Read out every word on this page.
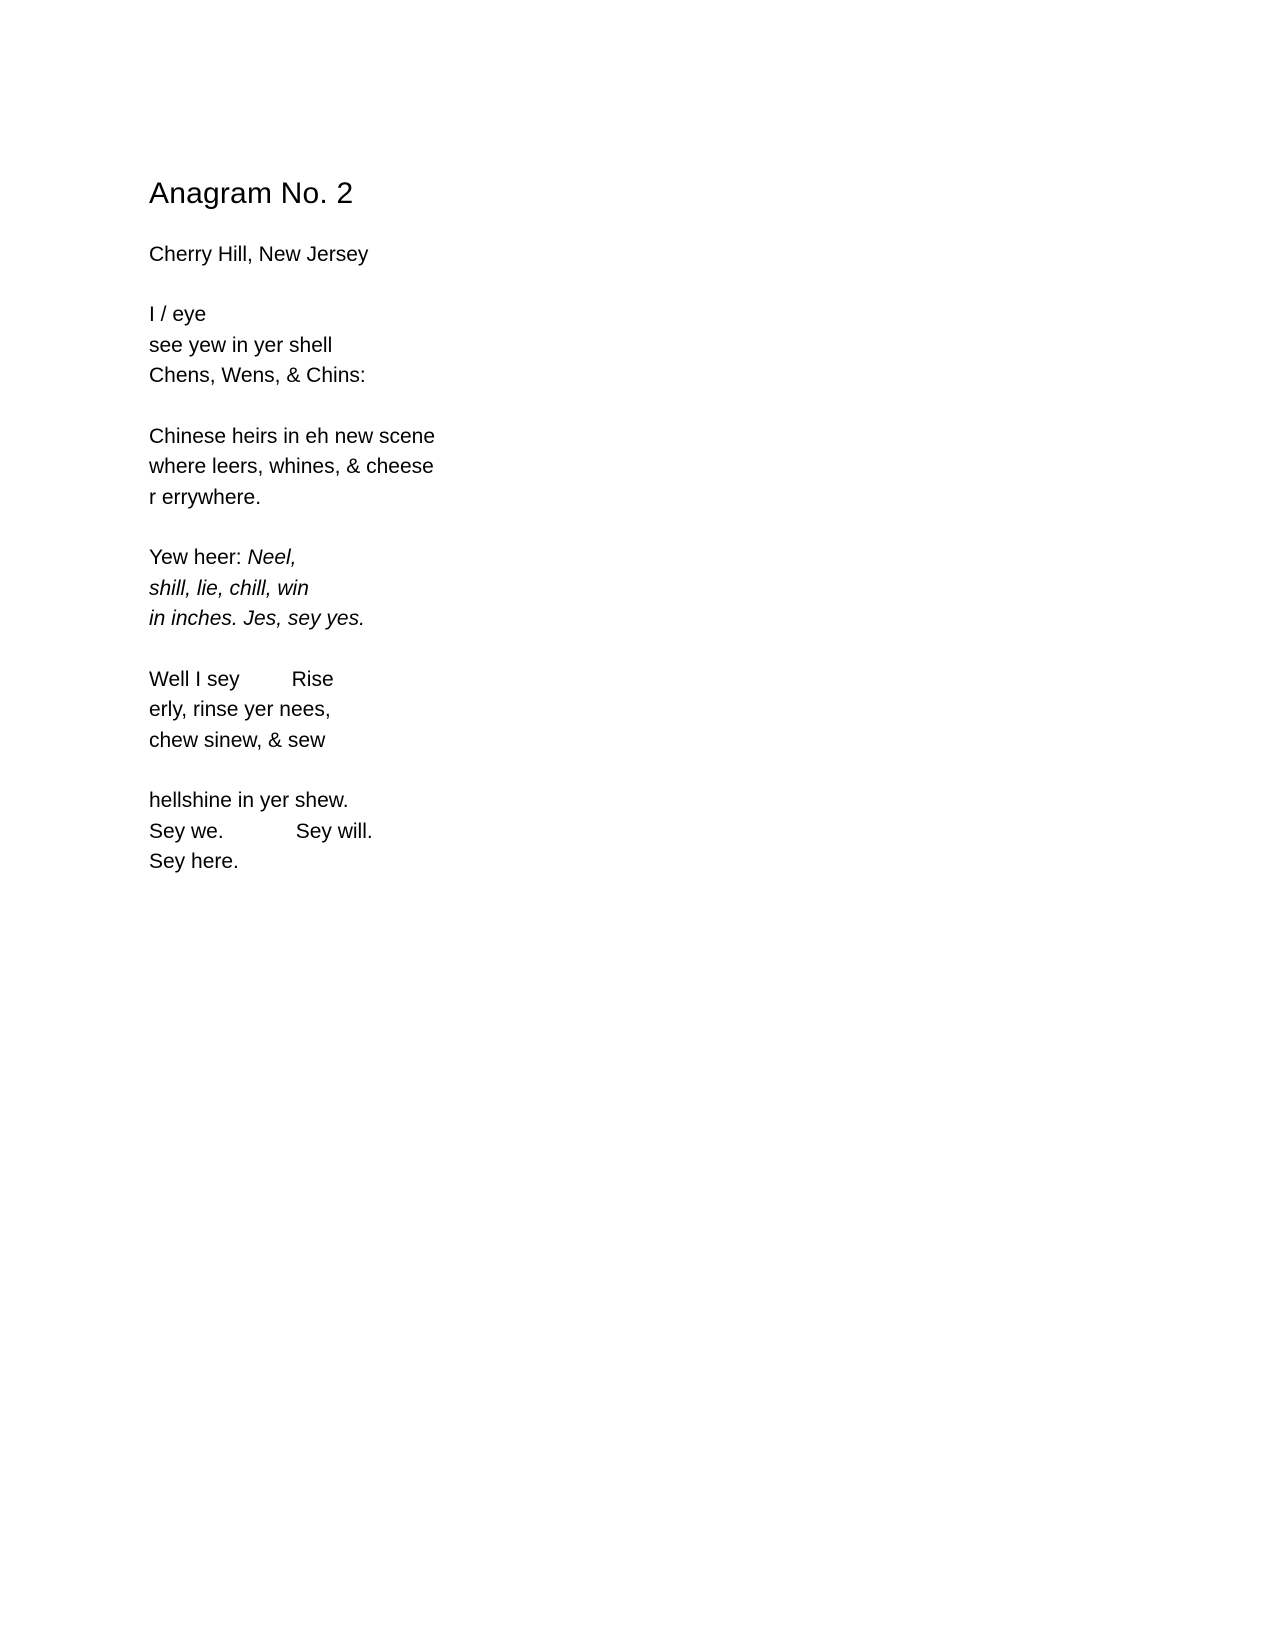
Anagram No. 2

Cherry Hill, New Jersey

I / eye
see yew in yer shell
Chens, Wens, & Chins:
Chinese heirs in eh new scene
where leers, whines, & cheese
r errywhere.
Yew heer: Neel,
shill, lie, chill, win
in inches. Jes, sey yes.
Well I sey Rise
erly, rinse yer nees,
chew sinew, & sew
hellshine in yer shew.
Sey we.	Sey will.
Sey here.
